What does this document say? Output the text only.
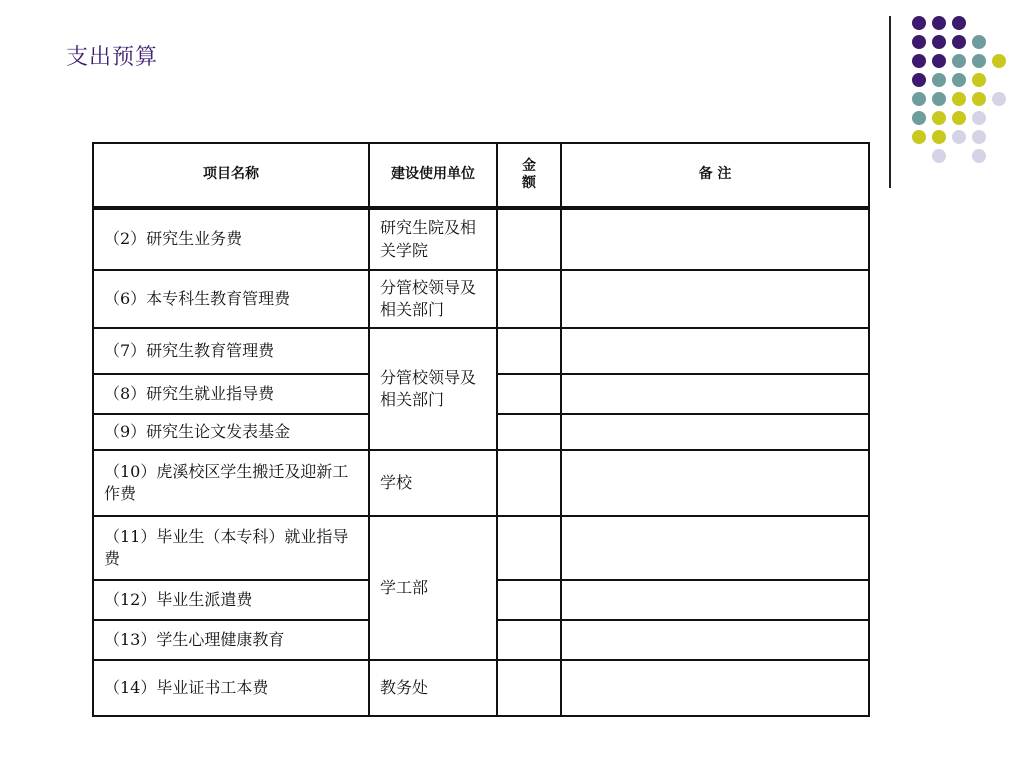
支出预算
项目名称	建设使用单位	金额	备 注
（2）研究生业务费	研究生院及相关学院		
（6）本专科生教育管理费	分管校领导及相关部门		
（7）研究生教育管理费	分管校领导及相关部门		
（8）研究生就业指导费			
（9）研究生论文发表基金			
（10）虎溪校区学生搬迁及迎新工作费	学校		
（11）毕业生（本专科）就业指导费	学工部		
（12）毕业生派遣费			
（13）学生心理健康教育			
（14）毕业证书工本费	教务处		
